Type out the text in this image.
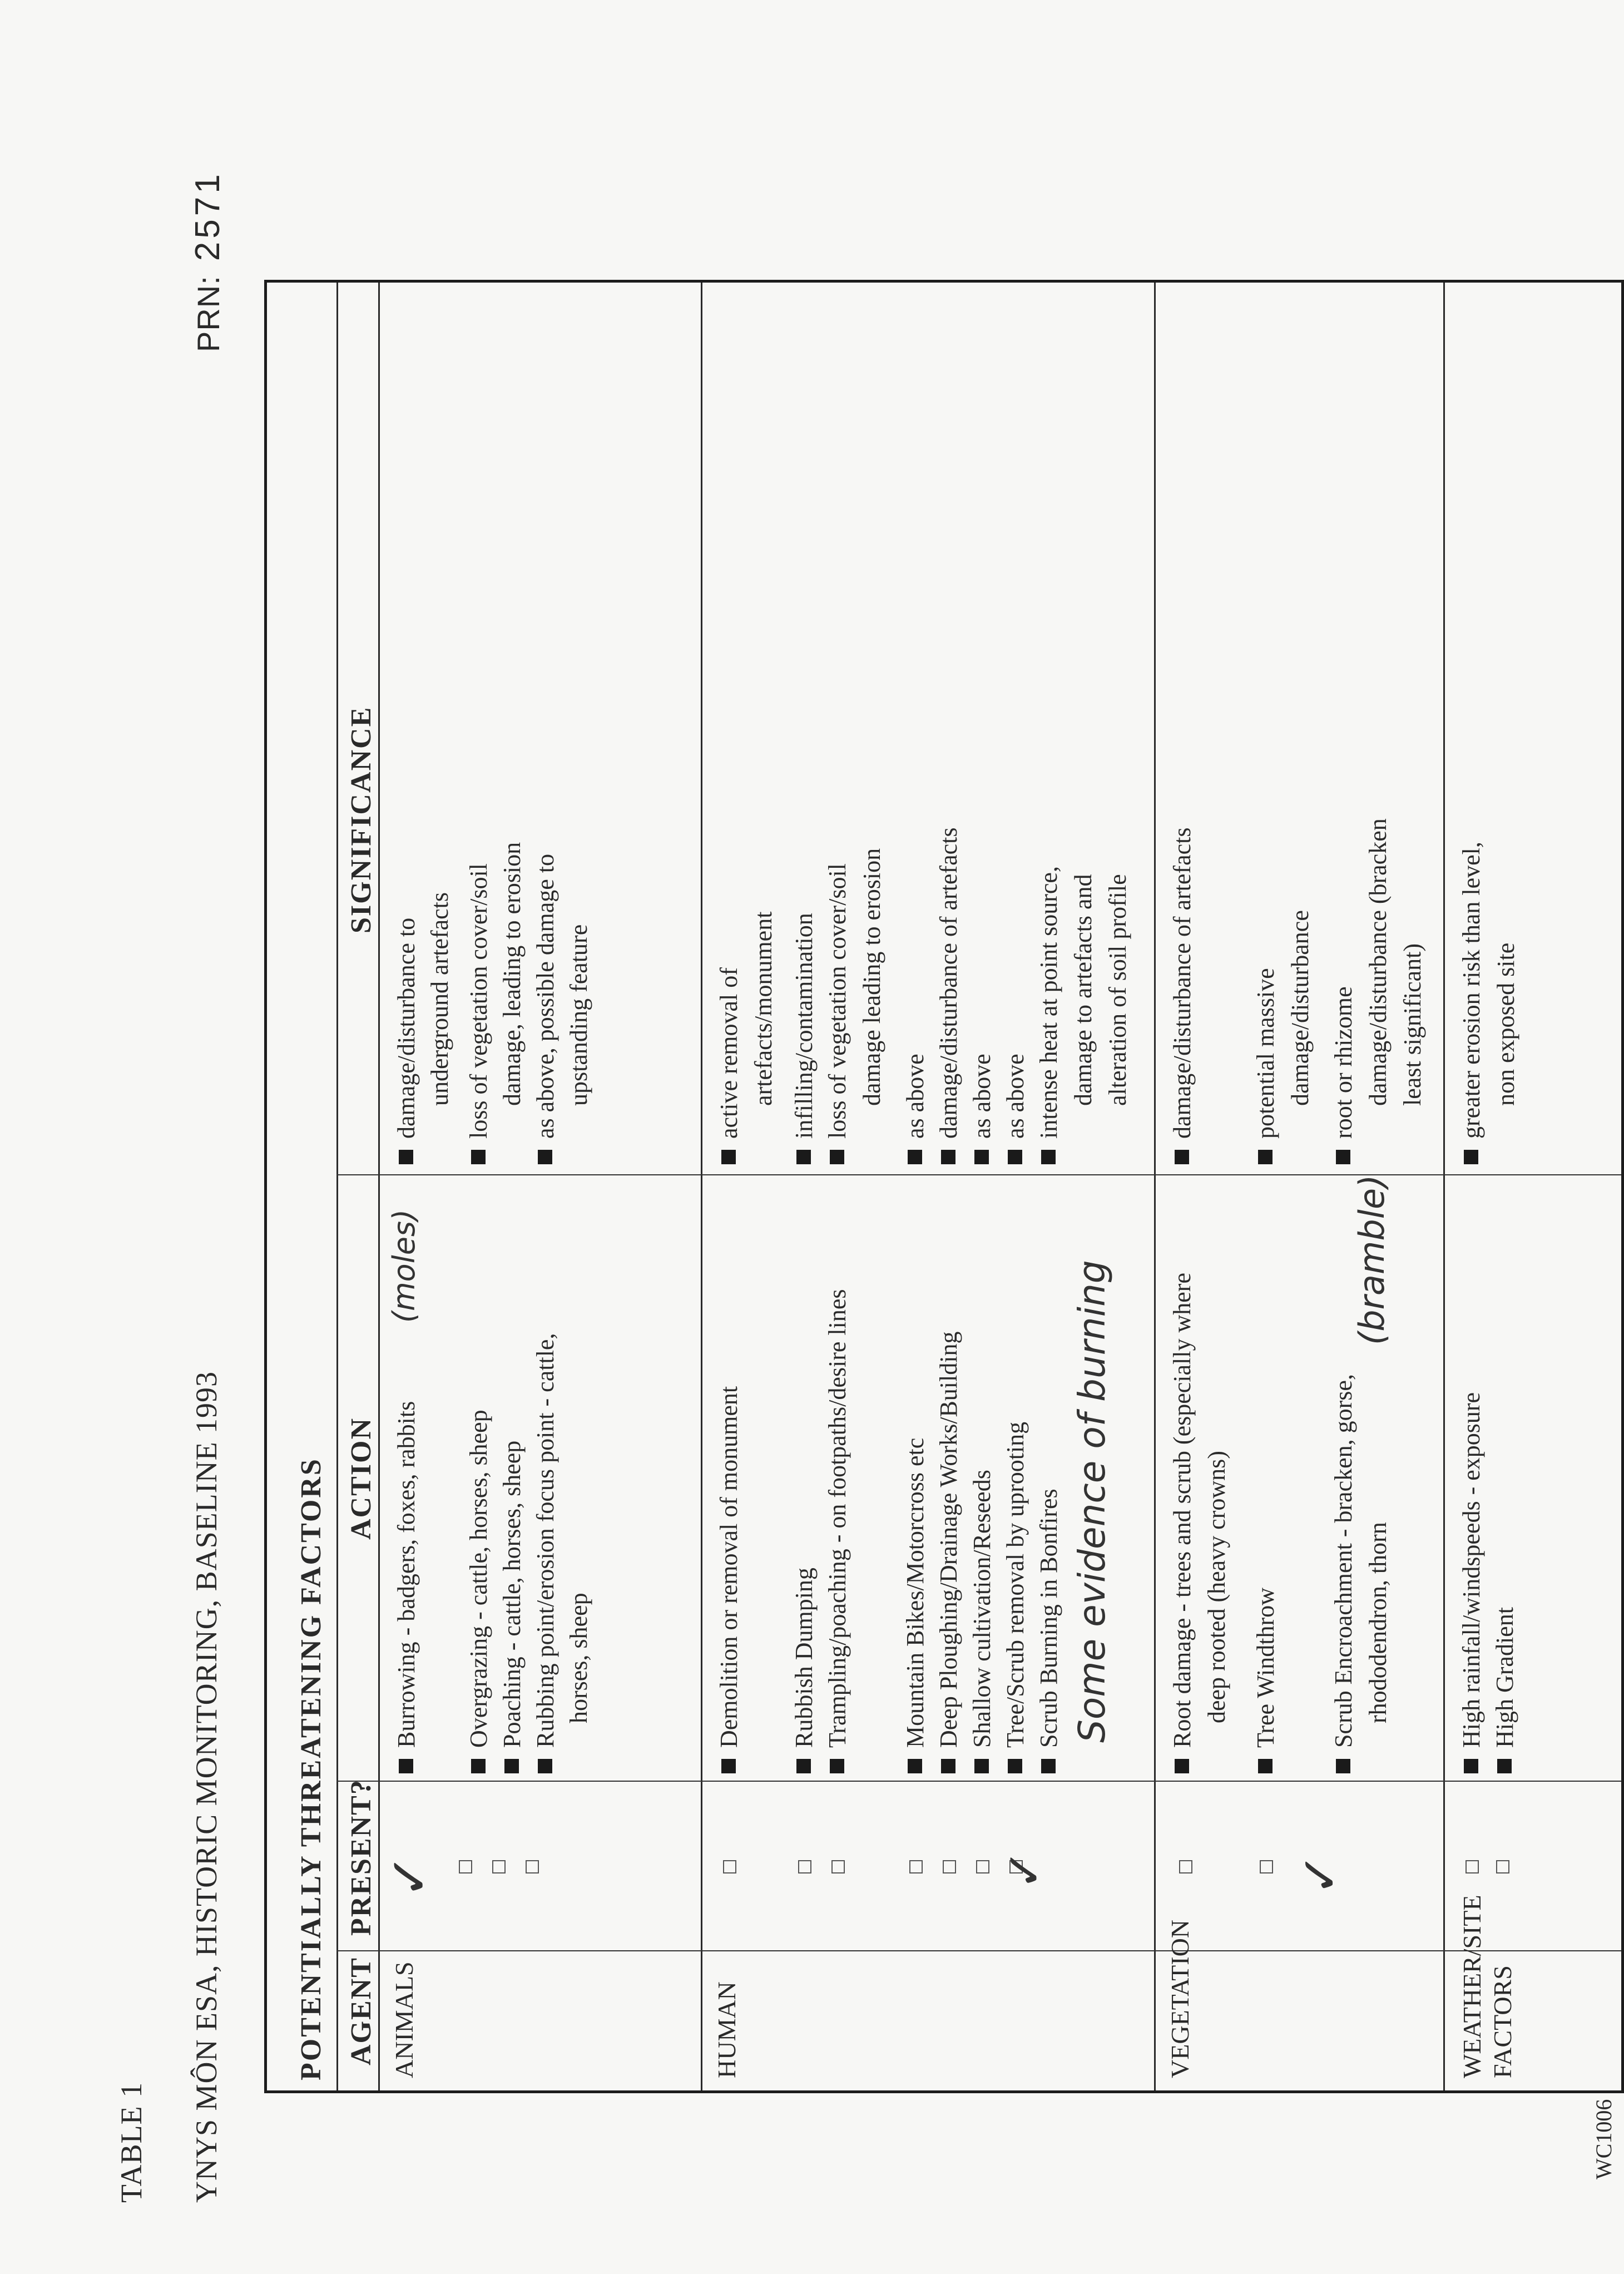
TABLE 1 YNYS MÔN ESA, HISTORIC MONITORING, BASELINE 1993
PRN:2571
POTENTIALLY THREATENING FACTORS AGENT
PRESENT?
ACTION
SIGNIFICANCE
ANIMALS
✓
Burrowing - badgers, foxes, rabbits
(moles)
Overgrazing - cattle, horses, sheep Poaching - cattle, horses, sheep Rubbing point/erosion focus point - cattle, horses, sheep
damage/disturbance to underground artefacts loss of vegetation cover/soil damage, leading to erosion as above, possible damage to upstanding feature
HUMAN
✓
Demolition or removal of monument Rubbish Dumping Trampling/poaching - on footpaths/desire lines Mountain Bikes/Motorcross etc Deep Ploughing/Drainage Works/Building Shallow cultivation/Reseeds Tree/Scrub removal by uprooting Scrub Burning in Bonfires Some evidence of burning
active removal of artefacts/monument infilling/contamination loss of vegetation cover/soil damage leading to erosion as above damage/disturbance of artefacts as above as above intense heat at point source, damage to artefacts and alteration of soil profile
VEGETATION
✓
Root damage - trees and scrub (especially where deep rooted (heavy crowns) Tree Windthrow Scrub Encroachment - bracken, gorse, rhododendron, thorn
(bramble)
damage/disturbance of artefacts potential massive damage/disturbance root or rhizome damage/disturbance (bracken least significant)
WEATHER/SITE FACTORS
High rainfall/windspeeds - exposure High Gradient
greater erosion risk than level, non exposed site
WC1006
